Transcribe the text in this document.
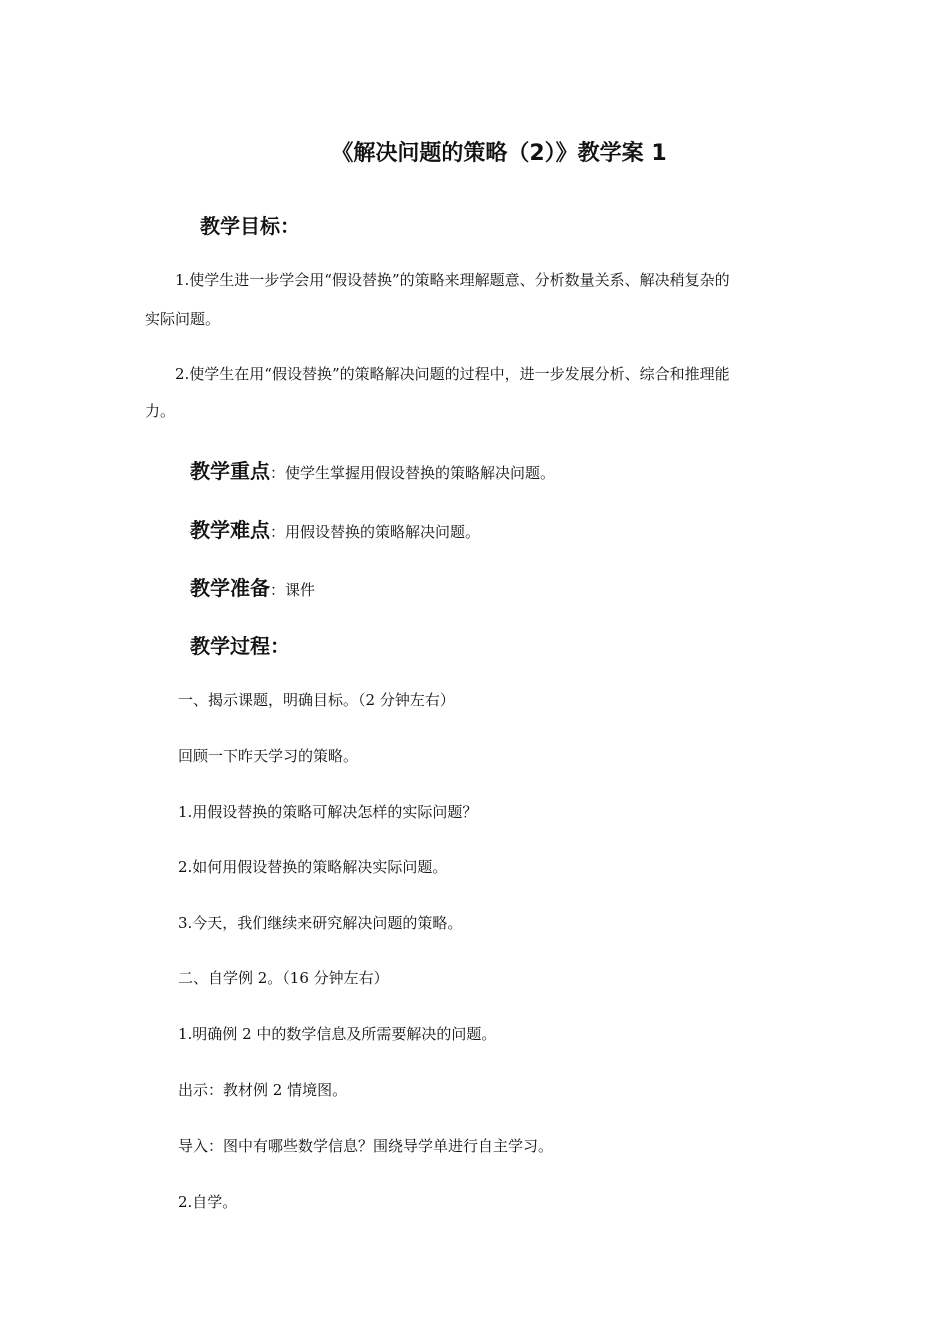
《解决问题的策略（2）》教学案 1
教学目标：
1.使学生进一步学会用“假设替换”的策略来理解题意、分析数量关系、解决稍复杂的
实际问题。
2.使学生在用“假设替换”的策略解决问题的过程中，进一步发展分析、综合和推理能
力。
教学重点：使学生掌握用假设替换的策略解决问题。
教学难点：用假设替换的策略解决问题。
教学准备：课件
教学过程：
一、揭示课题，明确目标。（2 分钟左右）
回顾一下昨天学习的策略。
1.用假设替换的策略可解决怎样的实际问题？
2.如何用假设替换的策略解决实际问题。
3.今天，我们继续来研究解决问题的策略。
二、自学例 2。（16 分钟左右）
1.明确例 2 中的数学信息及所需要解决的问题。
出示：教材例 2 情境图。
导入：图中有哪些数学信息？围绕导学单进行自主学习。
2.自学。
